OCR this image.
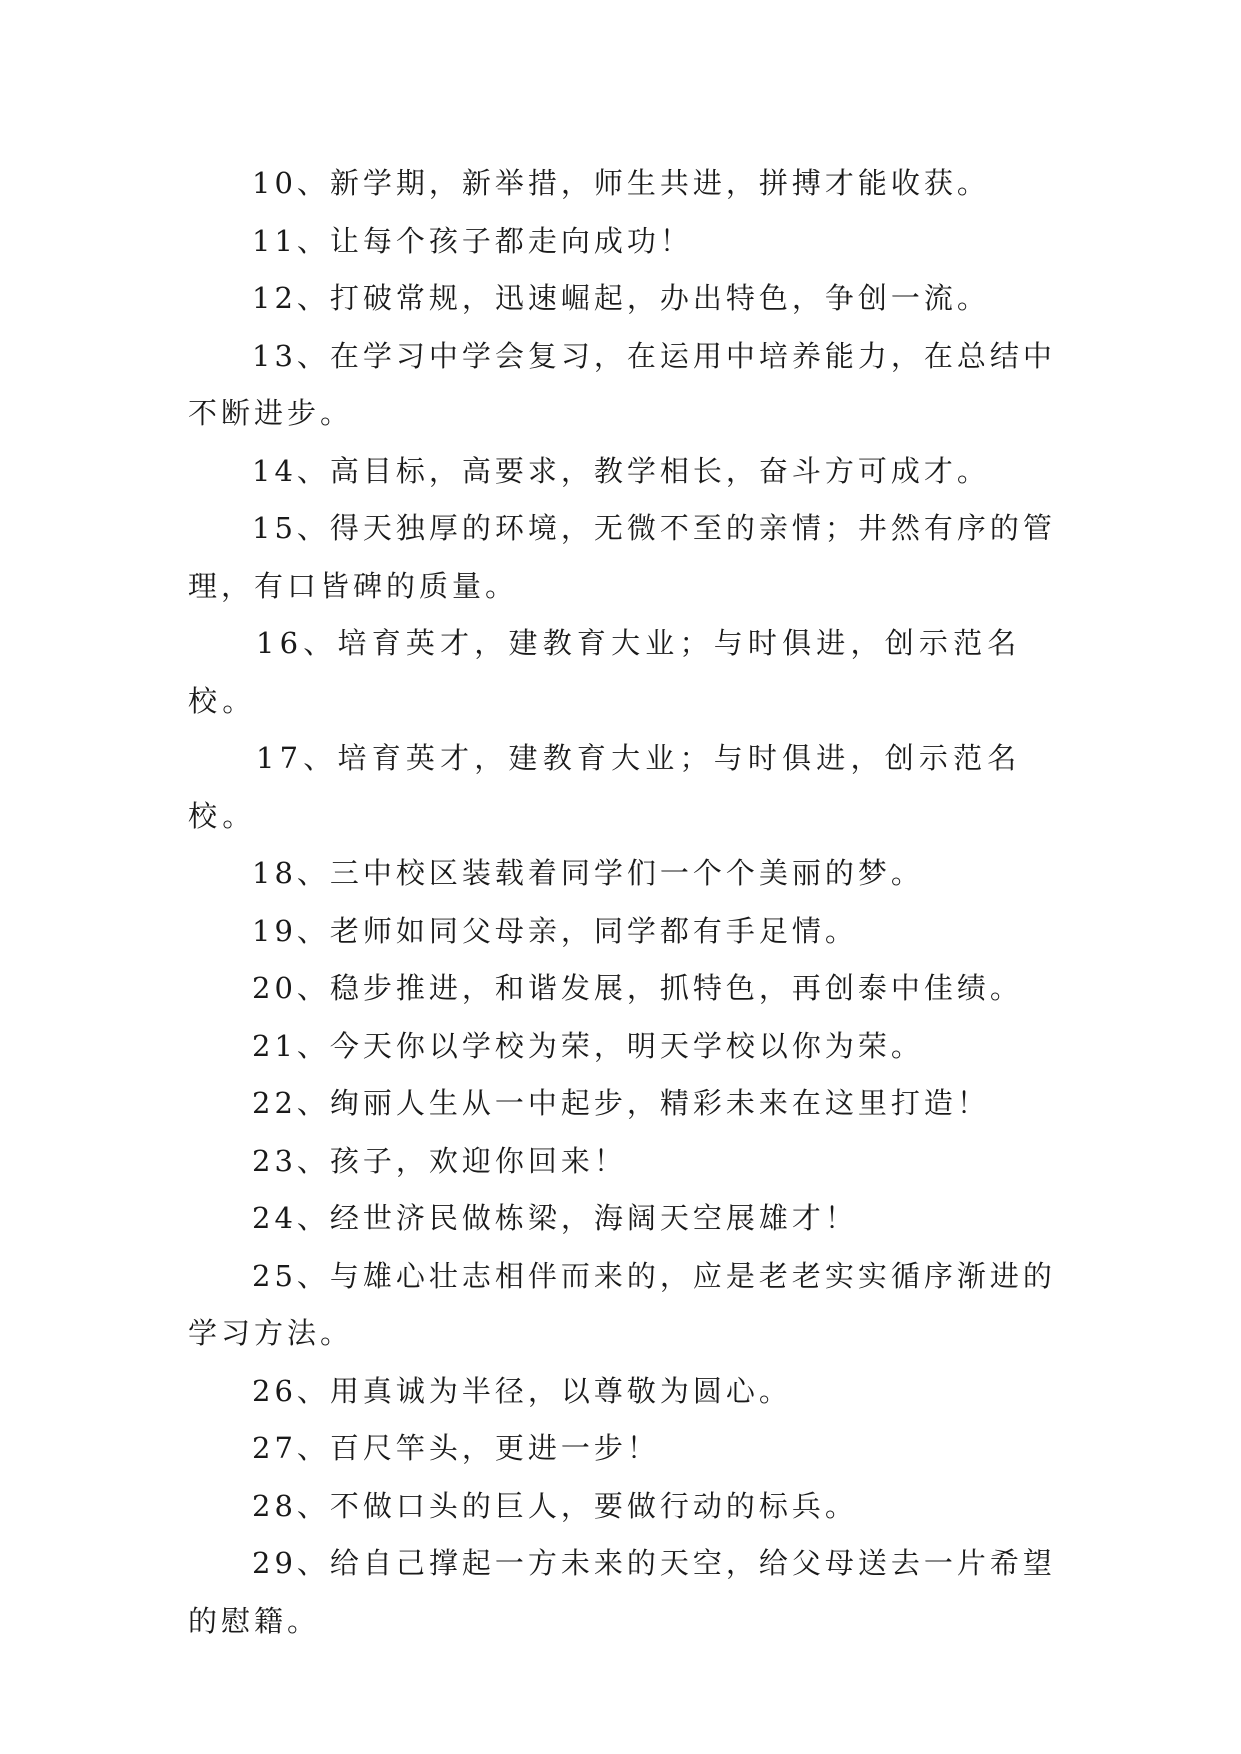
10、新学期，新举措，师生共进，拼搏才能收获。

11、让每个孩子都走向成功！

12、打破常规，迅速崛起，办出特色，争创一流。

13、在学习中学会复习，在运用中培养能力，在总结中不断进步。

14、高目标，高要求，教学相长，奋斗方可成才。

15、得天独厚的环境，无微不至的亲情；井然有序的管理，有口皆碑的质量。

16、培育英才，建教育大业；与时俱进，创示范名校。

17、培育英才，建教育大业；与时俱进，创示范名校。

18、三中校区装载着同学们一个个美丽的梦。

19、老师如同父母亲，同学都有手足情。

20、稳步推进，和谐发展，抓特色，再创泰中佳绩。

21、今天你以学校为荣，明天学校以你为荣。

22、绚丽人生从一中起步，精彩未来在这里打造！

23、孩子，欢迎你回来！

24、经世济民做栋梁，海阔天空展雄才！

25、与雄心壮志相伴而来的，应是老老实实循序渐进的学习方法。

26、用真诚为半径，以尊敬为圆心。

27、百尺竿头，更进一步！

28、不做口头的巨人，要做行动的标兵。

29、给自己撑起一方未来的天空，给父母送去一片希望的慰籍。
